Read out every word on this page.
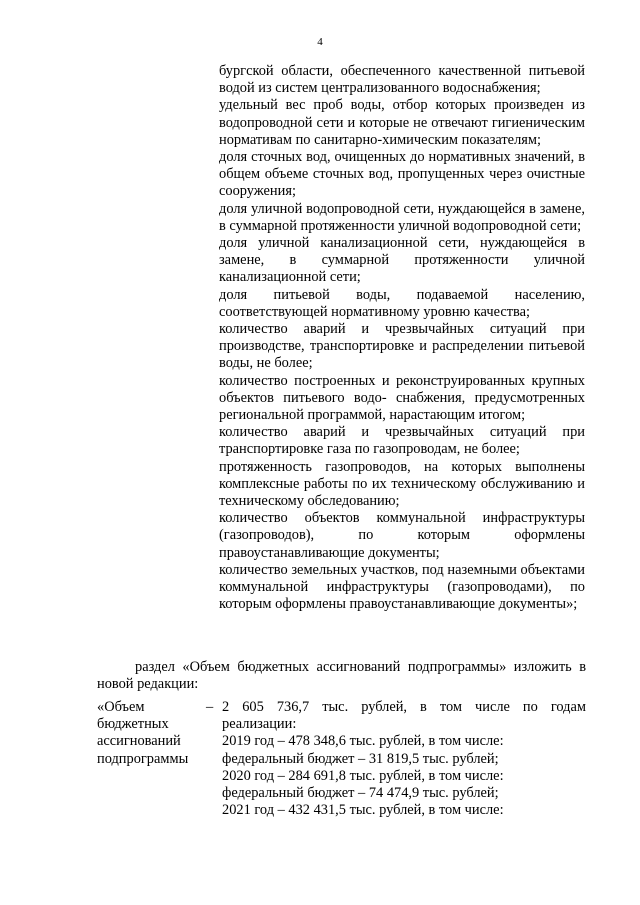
4

бургской области, обеспеченного качественной питьевой водой из систем централизованного водоснабжения;

удельный вес проб воды, отбор которых произведен из водопроводной сети и которые не отвечают гигиеническим нормативам по санитарно-химическим показателям;

доля сточных вод, очищенных до нормативных значений, в общем объеме сточных вод, пропущенных через очистные сооружения;

доля уличной водопроводной сети, нуждающейся в замене, в суммарной протяженности уличной водопроводной сети;

доля уличной канализационной сети, нуждающейся в замене, в суммарной протяженности уличной канализационной сети;

доля питьевой воды, подаваемой населению, соответствующей нормативному уровню качества;

количество аварий и чрезвычайных ситуаций при производстве, транспортировке и распределении питьевой воды, не более;

количество построенных и реконструированных крупных объектов питьевого водо- снабжения, предусмотренных региональной программой, нарастающим итогом;

количество аварий и чрезвычайных ситуаций при транспортировке газа по газопроводам, не более;

протяженность газопроводов, на которых выполнены комплексные работы по их техническому обслуживанию и техническому обследованию;

количество объектов коммунальной инфраструктуры (газопроводов), по которым оформлены правоустанавливающие документы;

количество земельных участков, под наземными объектами коммунальной инфраструктуры (газопроводами), по которым оформлены правоустанавливающие документы»;

раздел «Объем бюджетных ассигнований подпрограммы» изложить в новой редакции:

«Объем
бюджетных
ассигнований
подпрограммы
– 2 605 736,7 тыс. рублей, в том числе по годам

реализации:

2019 год – 478 348,6 тыс. рублей, в том числе:

федеральный бюджет – 31 819,5 тыс. рублей;

2020 год – 284 691,8 тыс. рублей, в том числе:

федеральный бюджет – 74 474,9 тыс. рублей;

2021 год – 432 431,5 тыс. рублей, в том числе:
